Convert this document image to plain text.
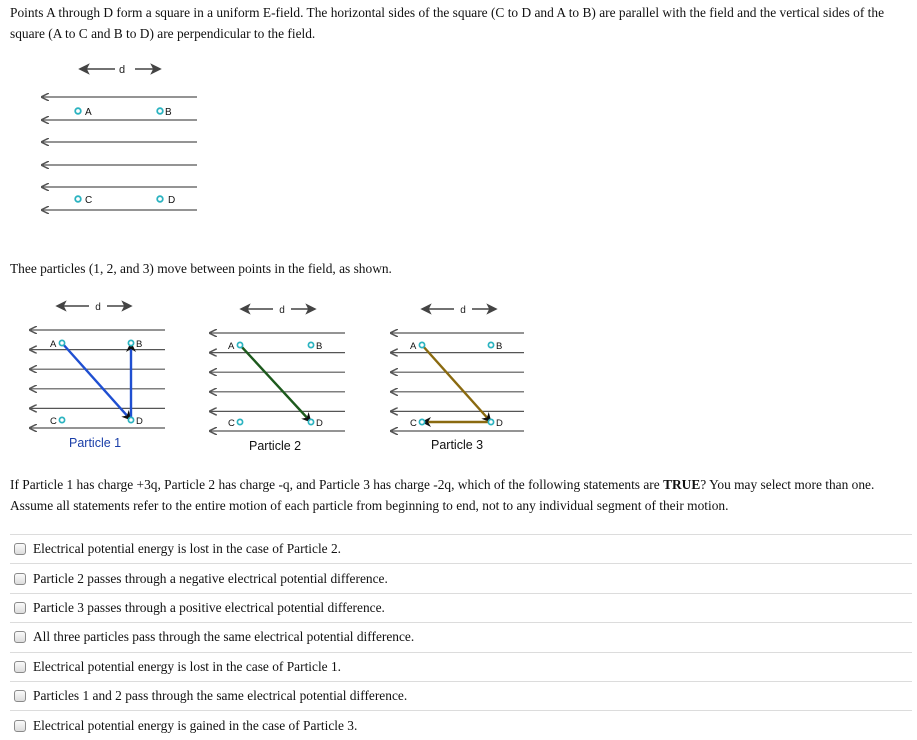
Points A through D form a square in a uniform E-field. The horizontal sides of the square (C to D and A to B) are parallel with the field and the vertical sides of the square (A to C and B to D) are perpendicular to the field.

d
A	B
C	D
d
A	B
C	D
d
A	B
C	D
d
A	B
C	D

Thee particles (1, 2, and 3) move between points in the field, as shown.

Particle 1	Particle 2	Particle 3

If Particle 1 has charge +3q, Particle 2 has charge -q, and Particle 3 has charge -2q, which of the following statements are TRUE? You may select more than one. Assume all statements refer to the entire motion of each particle from beginning to end, not to any individual segment of their motion.

Electrical potential energy is lost in the case of Particle 2.
Particle 2 passes through a negative electrical potential difference.
Particle 3 passes through a positive electrical potential difference.
All three particles pass through the same electrical potential difference.
Electrical potential energy is lost in the case of Particle 1.
Particles 1 and 2 pass through the same electrical potential difference.
Electrical potential energy is gained in the case of Particle 3.
